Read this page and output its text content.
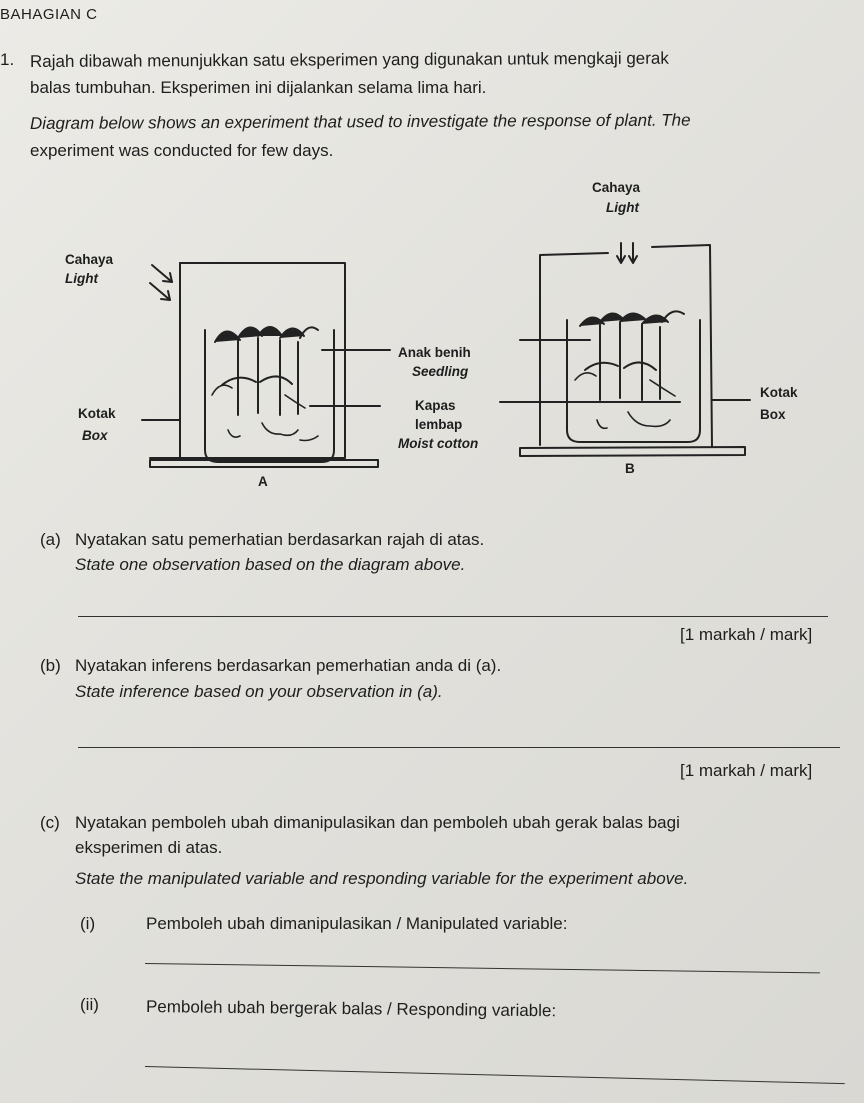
BAHAGIAN C
1. Rajah dibawah menunjukkan satu eksperimen yang digunakan untuk mengkaji gerak
balas tumbuhan. Eksperimen ini dijalankan selama lima hari.
Diagram below shows an experiment that used to investigate the response of plant. The
experiment was conducted for few days.
Cahaya
Light
Kotak
Box
A
Anak benih
Seedling
Kapas
lembap
Moist cotton
Cahaya
Light
Kotak
Box
B
(a) Nyatakan satu pemerhatian berdasarkan rajah di atas.
State one observation based on the diagram above.
[1 markah / mark]
(b) Nyatakan inferens berdasarkan pemerhatian anda di (a).
State inference based on your observation in (a).
[1 markah / mark]
(c) Nyatakan pemboleh ubah dimanipulasikan dan pemboleh ubah gerak balas bagi
eksperimen di atas.
State the manipulated variable and responding variable for the experiment above.
(i)	Pemboleh ubah dimanipulasikan / Manipulated variable:
(ii)	Pemboleh ubah bergerak balas / Responding variable:
